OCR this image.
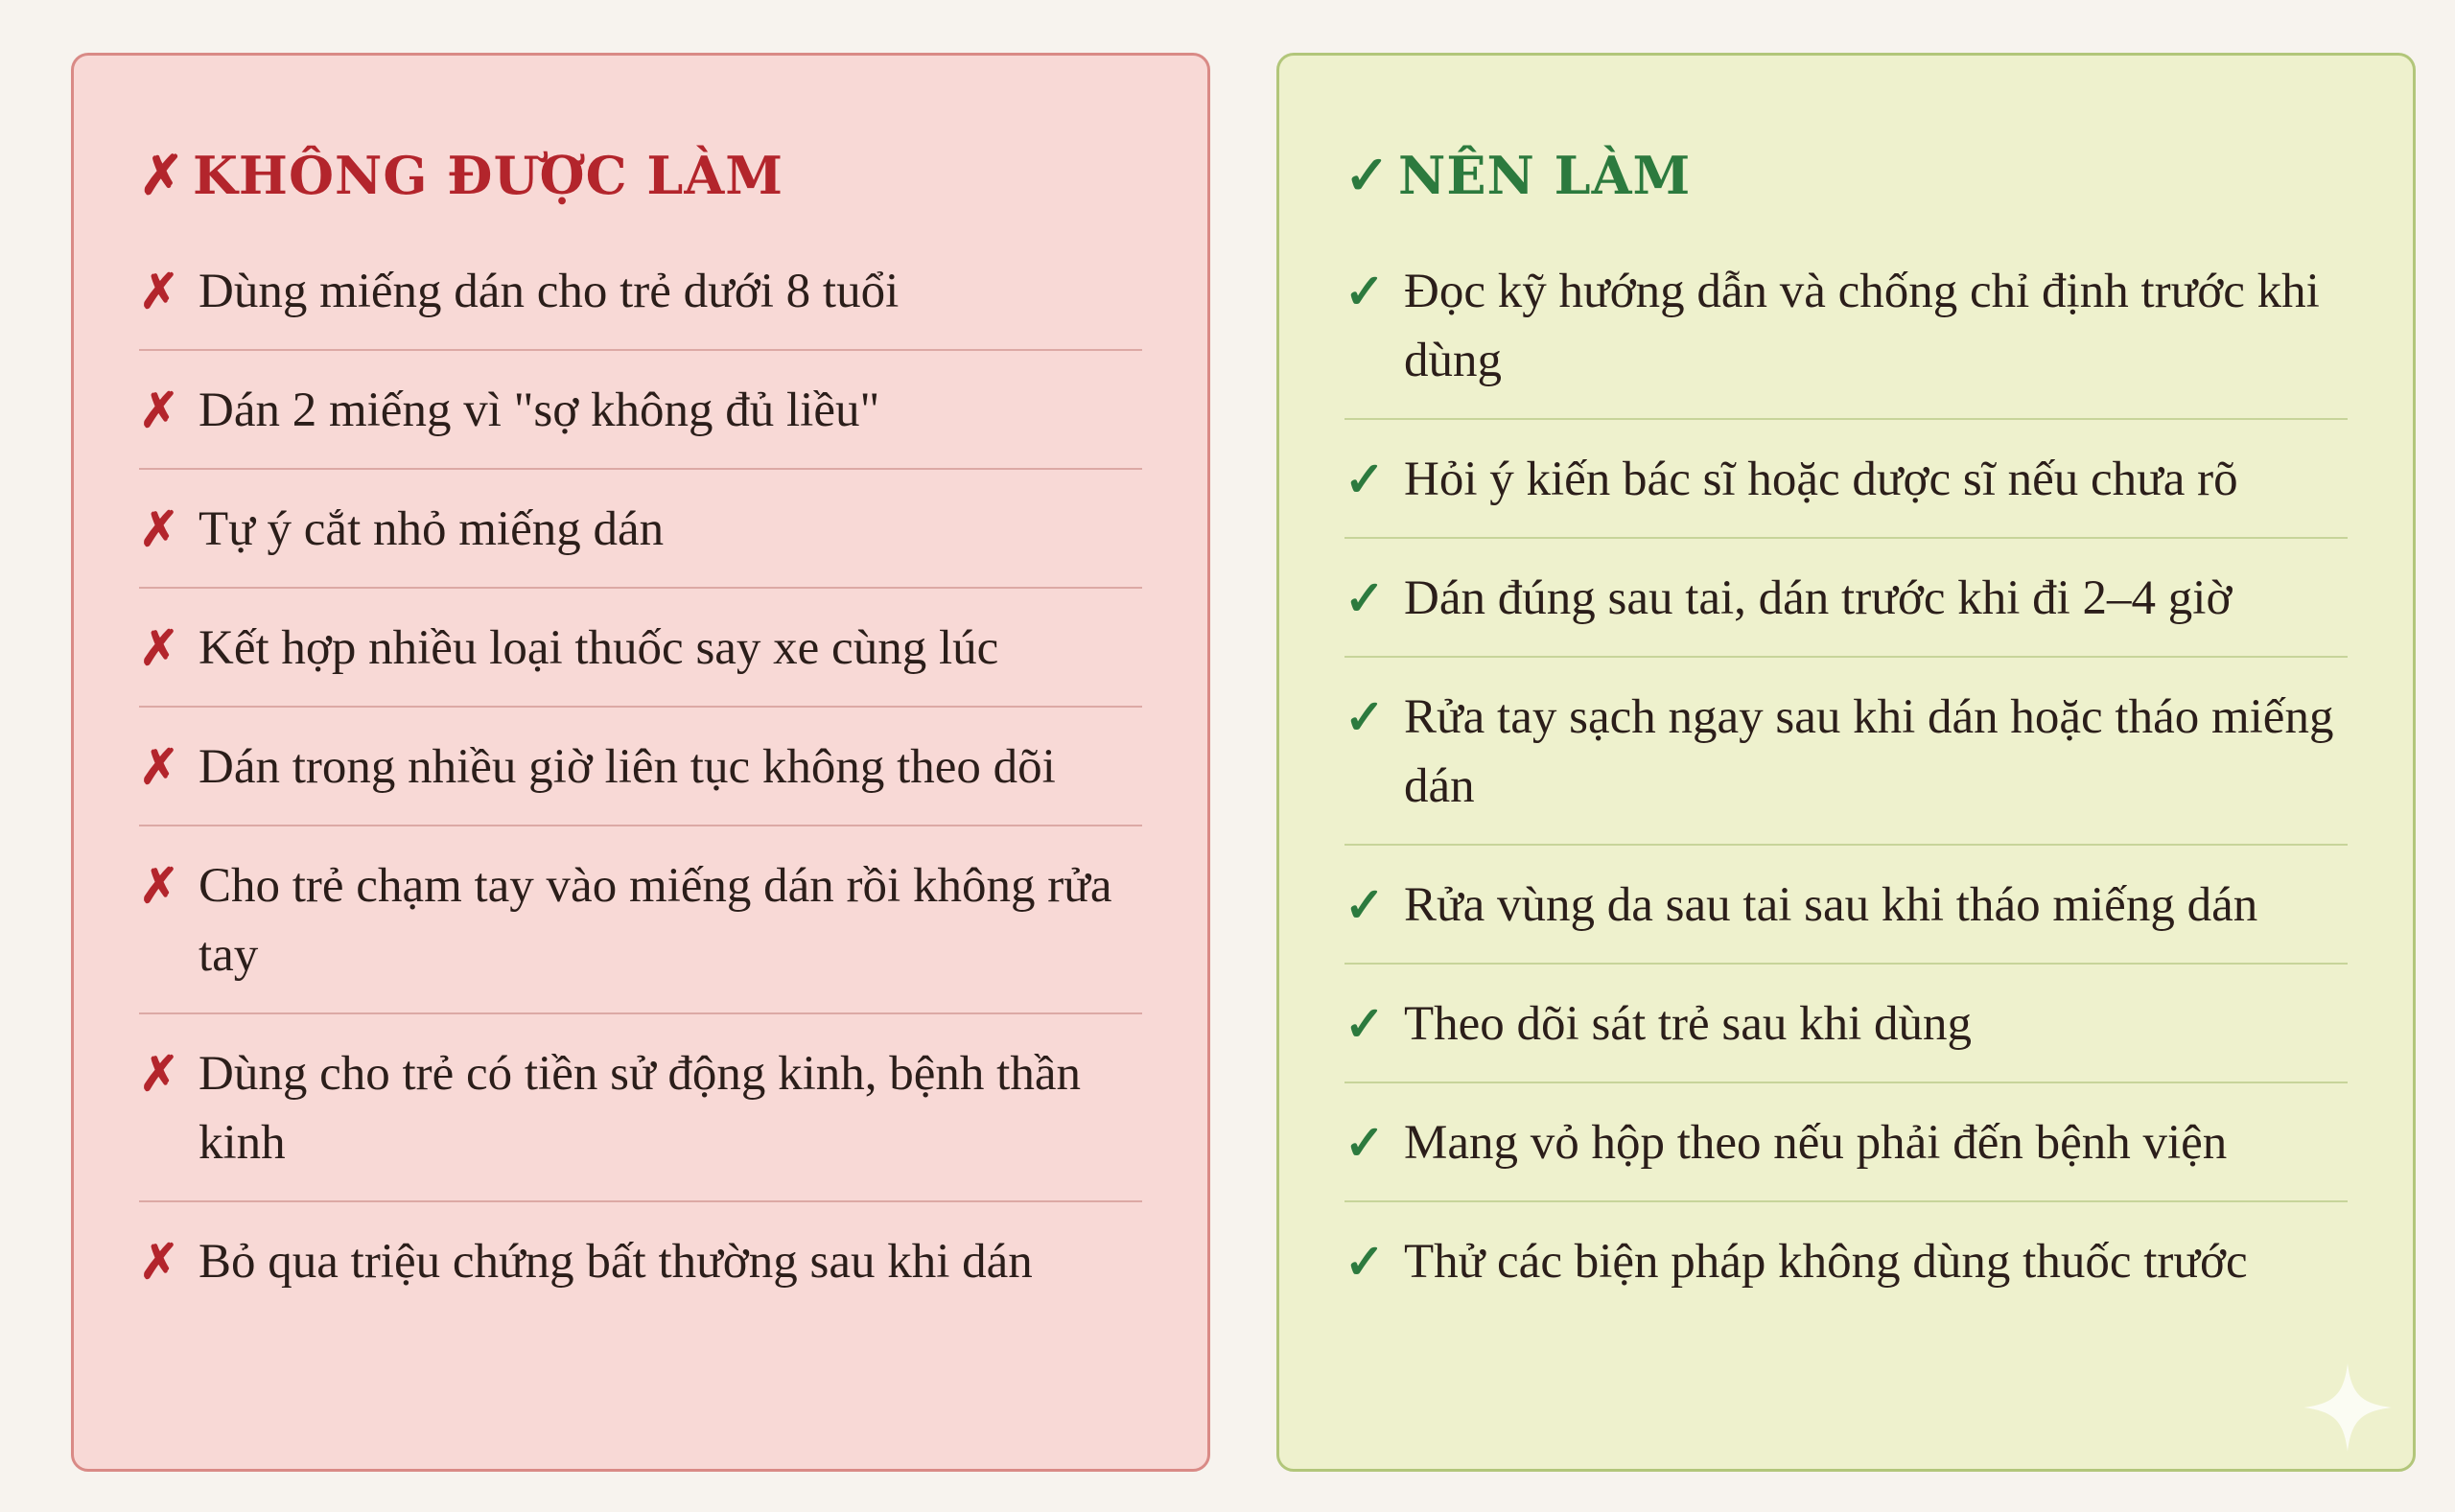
✗ KHÔNG ĐƯỢC LÀM
✗ Dùng miếng dán cho trẻ dưới 8 tuổi
✗ Dán 2 miếng vì "sợ không đủ liều"
✗ Tự ý cắt nhỏ miếng dán
✗ Kết hợp nhiều loại thuốc say xe cùng lúc
✗ Dán trong nhiều giờ liên tục không theo dõi
✗ Cho trẻ chạm tay vào miếng dán rồi không rửa tay
✗ Dùng cho trẻ có tiền sử động kinh, bệnh thần kinh
✗ Bỏ qua triệu chứng bất thường sau khi dán
✓ NÊN LÀM
✓ Đọc kỹ hướng dẫn và chống chỉ định trước khi dùng
✓ Hỏi ý kiến bác sĩ hoặc dược sĩ nếu chưa rõ
✓ Dán đúng sau tai, dán trước khi đi 2–4 giờ
✓ Rửa tay sạch ngay sau khi dán hoặc tháo miếng dán
✓ Rửa vùng da sau tai sau khi tháo miếng dán
✓ Theo dõi sát trẻ sau khi dùng
✓ Mang vỏ hộp theo nếu phải đến bệnh viện
✓ Thử các biện pháp không dùng thuốc trước
